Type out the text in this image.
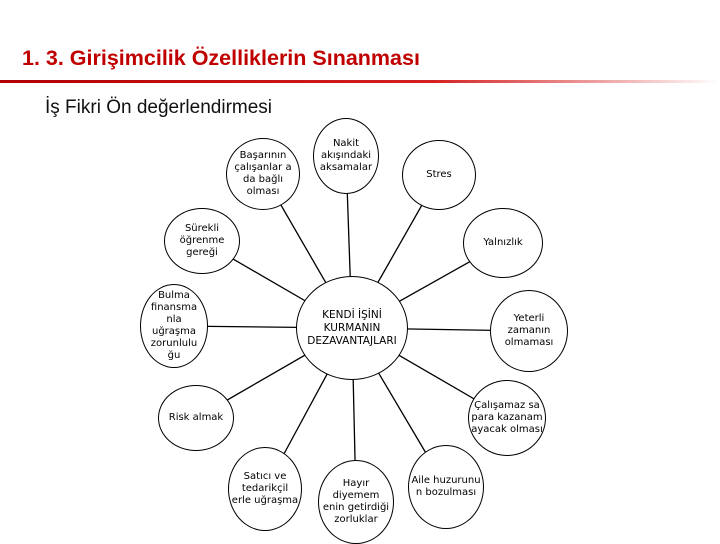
1. 3. Girişimcilik Özelliklerin Sınanması
İş Fikri Ön değerlendirmesi
KENDİ İŞİNİ KURMANIN DEZAVANTAJLARI
Nakit akışındaki aksamalar
Stres
Yalnızlık
Yeterli zamanın olmaması
Çalışamaz sa para kazanam ayacak olması
Aile huzurunu n bozulması
Hayır diyemem enin getirdiği zorluklar
Satıcı ve tedarikçil erle uğraşma
Risk almak
Bulma finansma nla uğraşma zorunlulu ğu
Sürekli öğrenme gereği
Başarının çalışanlar a da bağlı olması
